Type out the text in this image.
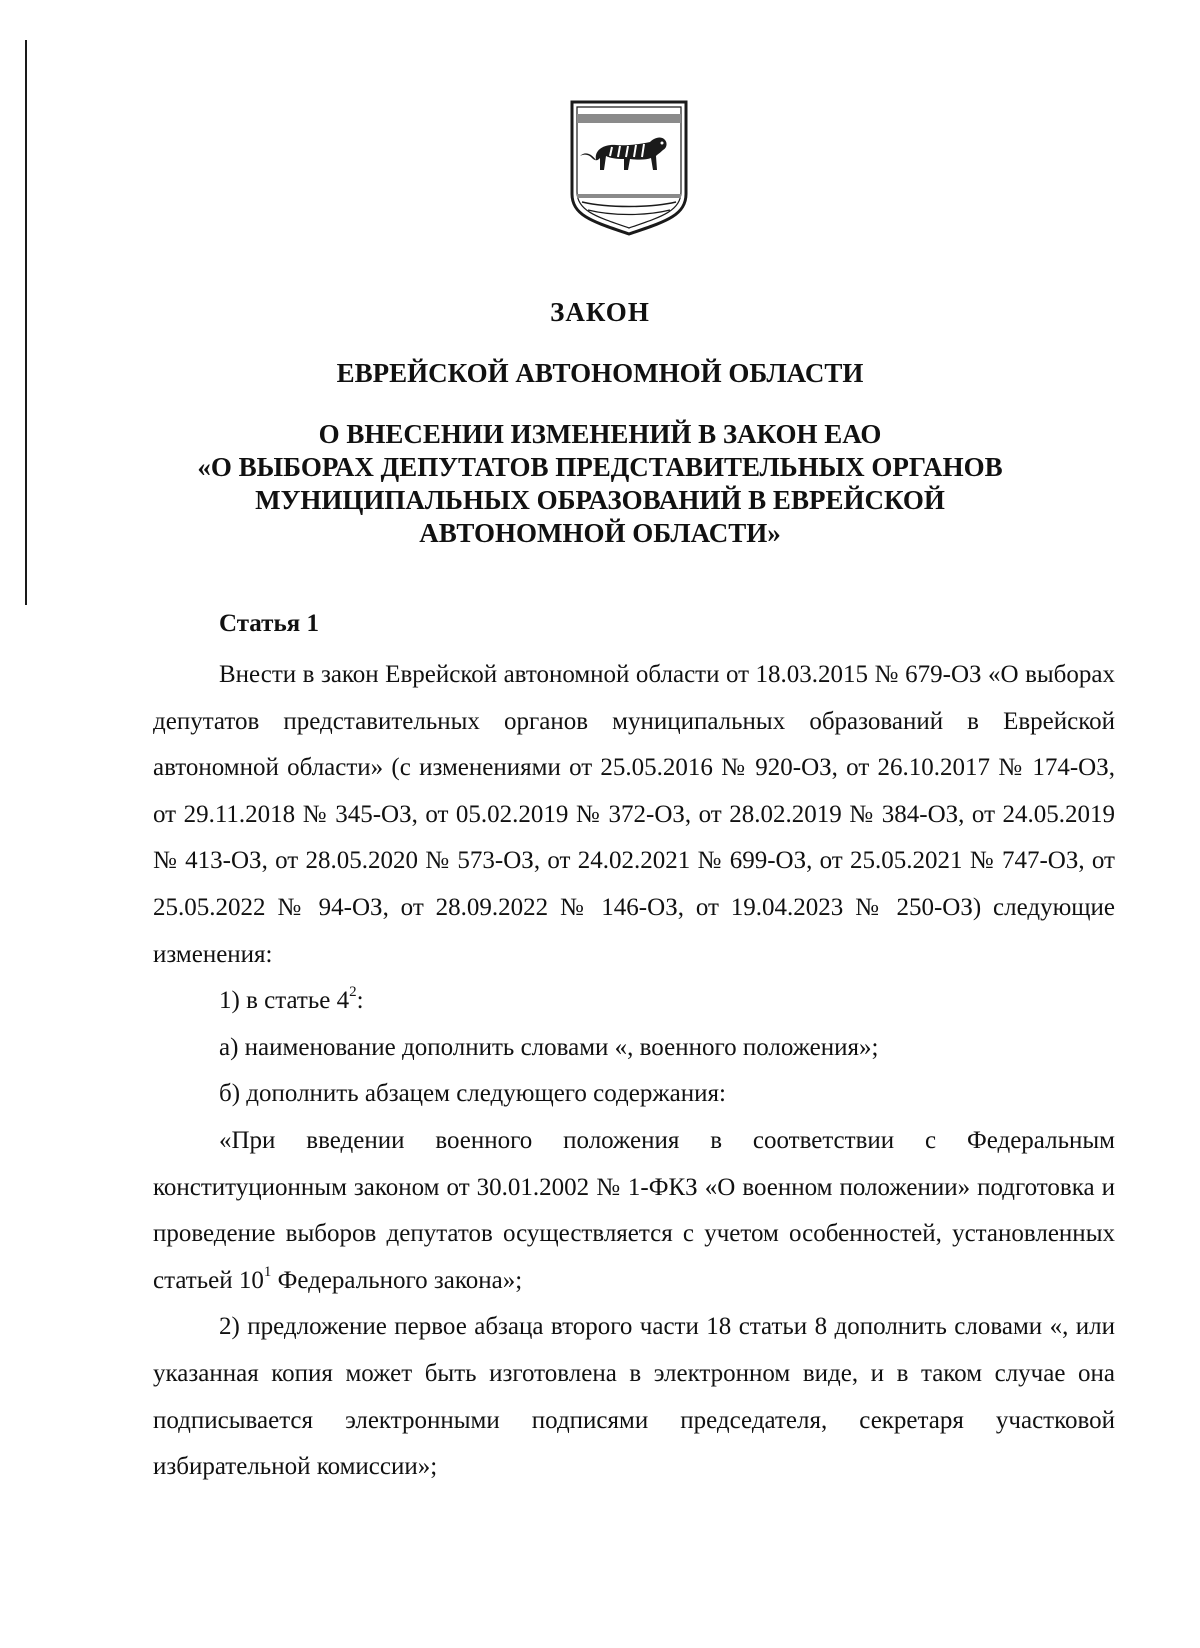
ЗАКОН
ЕВРЕЙСКОЙ АВТОНОМНОЙ ОБЛАСТИ
О ВНЕСЕНИИ ИЗМЕНЕНИЙ В ЗАКОН ЕАО
«О ВЫБОРАХ ДЕПУТАТОВ ПРЕДСТАВИТЕЛЬНЫХ ОРГАНОВ
МУНИЦИПАЛЬНЫХ ОБРАЗОВАНИЙ В ЕВРЕЙСКОЙ
АВТОНОМНОЙ ОБЛАСТИ»
Статья 1

Внести в закон Еврейской автономной области от 18.03.2015 № 679-ОЗ «О выборах депутатов представительных органов муниципальных образований в Еврейской автономной области» (с изменениями от 25.05.2016 № 920-ОЗ, от 26.10.2017 № 174-ОЗ, от 29.11.2018 № 345-ОЗ, от 05.02.2019 № 372-ОЗ, от 28.02.2019 № 384-ОЗ, от 24.05.2019 № 413-ОЗ, от 28.05.2020 № 573-ОЗ, от 24.02.2021 № 699-ОЗ, от 25.05.2021 № 747-ОЗ, от 25.05.2022 № 94-ОЗ, от 28.09.2022 № 146-ОЗ, от 19.04.2023 № 250-ОЗ) следующие изменения:

1) в статье $4^2$:

а) наименование дополнить словами «, военного положения»;

б) дополнить абзацем следующего содержания:

«При введении военного положения в соответствии с Федеральным конституционным законом от 30.01.2002 № 1-ФКЗ «О военном положении» подготовка и проведение выборов депутатов осуществляется с учетом особенностей, установленных статьей $10^1$ Федерального закона»;

2) предложение первое абзаца второго части 18 статьи 8 дополнить словами «, или указанная копия может быть изготовлена в электронном виде, и в таком случае она подписывается электронными подписями председателя, секретаря участковой избирательной комиссии»;
